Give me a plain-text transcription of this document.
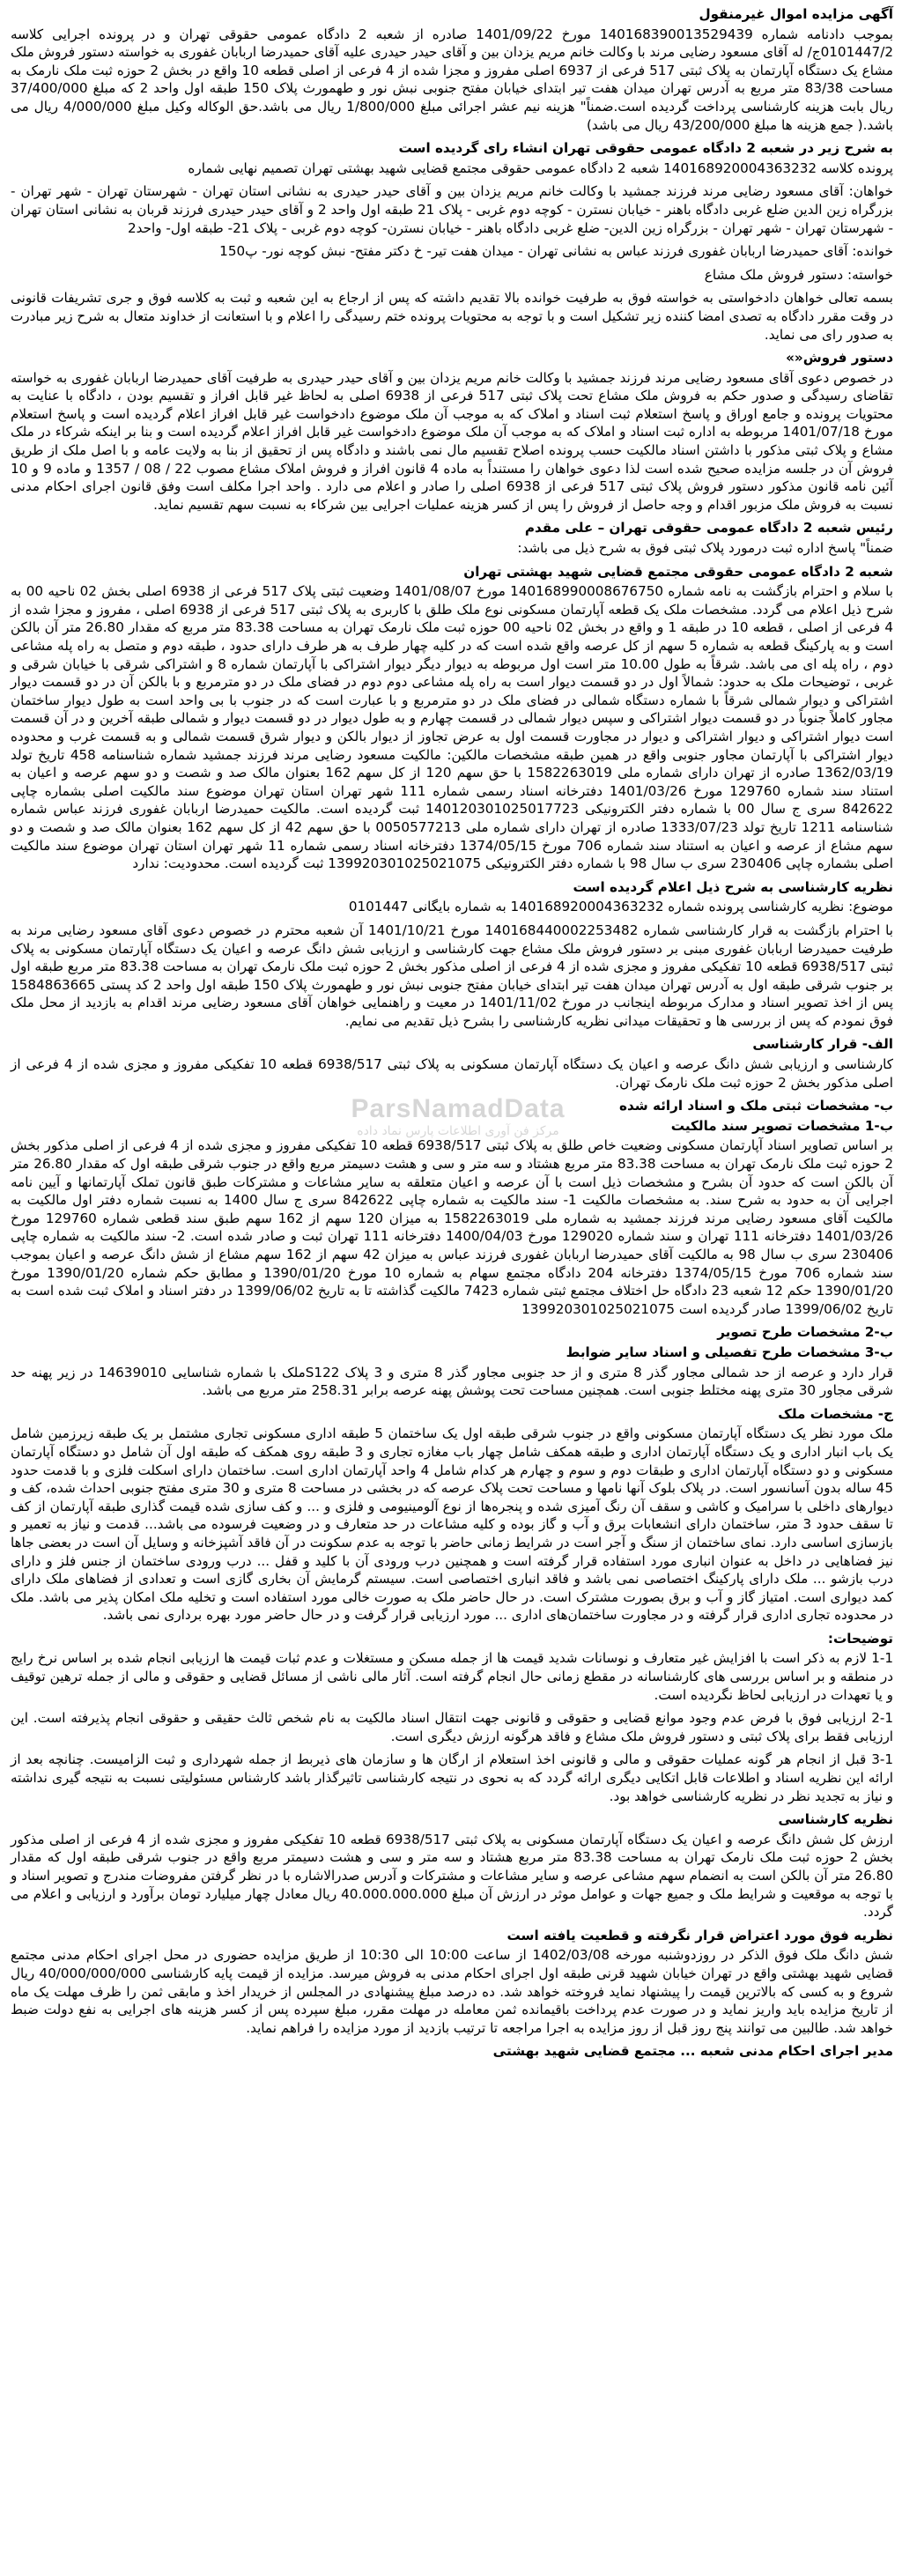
آگهی مزایده اموال غیرمنقول

بموجب دادنامه شماره 140168390013529439 مورخ 1401/09/22 صادره از شعبه 2 دادگاه عمومی حقوقی تهران و در پرونده اجرایی کلاسه 0101447/2ج/ له آقای مسعود رضایی مرند با وکالت خانم مریم یزدان بین و آقای حیدر حیدری علیه آقای حمیدرضا اربابان غفوری به خواسته دستور فروش ملک مشاع یک دستگاه آپارتمان به پلاک ثبتی 517 فرعی از 6937 اصلی مفروز و مجزا شده از 4 فرعی از اصلی قطعه 10 واقع در بخش 2 حوزه ثبت ملک نارمک به مساحت 83/38 متر مربع به آدرس تهران میدان هفت تیر ابتدای خیابان مفتح جنوبی نبش نور و طهمورث پلاک 150 طبقه اول واحد 2 که مبلغ 37/400/000 ریال بابت هزینه کارشناسی پرداخت گردیده است.ضمناً" هزینه نیم عشر اجرائی مبلغ 1/800/000 ریال می باشد.حق الوکاله وکیل مبلغ 4/000/000 ریال می باشد.( جمع هزینه ها مبلغ 43/200/000 ریال می باشد)

به شرح زیر در شعبه 2 دادگاه عمومی حقوقی تهران انشاء رای گردیده است

پرونده کلاسه 140168920004363232 شعبه 2 دادگاه عمومی حقوقی مجتمع قضایی شهید بهشتی تهران تصمیم نهایی شماره

خواهان: آقای مسعود رضایی مرند فرزند جمشید با وکالت خانم مریم یزدان بین و آقای حیدر حیدری به نشانی استان تهران - شهرستان تهران - شهر تهران - بزرگراه زین الدین ضلع غربی دادگاه باهنر - خیابان نسترن - کوچه دوم غربی - پلاک 21 طبقه اول واحد 2 و آقای حیدر حیدری فرزند قربان به نشانی استان تهران - شهرستان تهران - شهر تهران - بزرگراه زین الدین- ضلع غربی دادگاه باهنر - خیابان نسترن- کوچه دوم غربی - پلاک 21- طبقه اول- واحد2

خوانده: آقای حمیدرضا اربابان غفوری فرزند عباس به نشانی تهران - میدان هفت تیر- خ دکتر مفتح- نبش کوچه نور- پ150

خواسته: دستور فروش ملک مشاع

بسمه تعالی خواهان دادخواستی به خواسته فوق به طرفیت خوانده بالا تقدیم داشته که پس از ارجاع به این شعبه و ثبت به کلاسه فوق و جری تشریفات قانونی در وقت مقرر دادگاه به تصدی امضا کننده زیر تشکیل است و با توجه به محتویات پرونده ختم رسیدگی را اعلام و با استعانت از خداوند متعال به شرح زیر مبادرت به صدور رای می نماید.

دستور فروش«»

در خصوص دعوی آقای مسعود رضایی مرند فرزند جمشید با وکالت خانم مریم یزدان بین و آقای حیدر حیدری به طرفیت آقای حمیدرضا اربابان غفوری به خواسته تقاضای رسیدگی و صدور حکم به فروش ملک مشاع تحت پلاک ثبتی 517 فرعی از 6938 اصلی به لحاظ غیر قابل افراز و تقسیم بودن ، دادگاه با عنایت به محتویات پرونده و جامع اوراق و پاسخ استعلام ثبت اسناد و املاک که به موجب آن ملک موضوع دادخواست غیر قابل افراز اعلام گردیده است و پاسخ استعلام مورخ 1401/07/18 مربوطه به اداره ثبت اسناد و املاک که به موجب آن ملک موضوع دادخواست غیر قابل افراز اعلام گردیده است و بنا بر اینکه شرکاء در ملک مشاع و پلاک ثبتی مذکور با داشتن اسناد مالکیت حسب پرونده اصلاح تقسیم مال نمی باشند و دادگاه پس از تحقیق از بنا به ولایت عامه و با اصل ملک از طریق فروش آن در جلسه مزایده صحیح شده است لذا دعوی خواهان را مستنداً به ماده 4 قانون افراز و فروش املاک مشاع مصوب 22 / 08 / 1357 و ماده 9 و 10 آئین نامه قانون مذکور دستور فروش پلاک ثبتی 517 فرعی از 6938 اصلی را صادر و اعلام می دارد . واحد اجرا مکلف است وفق قانون اجرای احکام مدنی نسبت به فروش ملک مزبور اقدام و وجه حاصل از فروش را پس از کسر هزینه عملیات اجرایی بین شرکاء به نسبت سهم تقسیم نماید.

رئیس شعبه 2 دادگاه عمومی حقوقی تهران – علی مقدم

ضمناً" پاسخ اداره ثبت درمورد پلاک ثبتی فوق به شرح ذیل می باشد:

شعبه 2 دادگاه عمومی حقوقی مجتمع قضایی شهید بهشتی تهران

با سلام و احترام بازگشت به نامه شماره 140168990008676750 مورخ 1401/08/07 وضعیت ثبتی پلاک 517 فرعی از 6938 اصلی بخش 02 ناحیه 00 به شرح ذیل اعلام می گردد. مشخصات ملک یک قطعه آپارتمان مسکونی نوع ملک طلق با کاربری به پلاک ثبتی 517 فرعی از 6938 اصلی ، مفروز و مجزا شده از 4 فرعی از اصلی ، قطعه 10 در طبقه 1 و واقع در بخش 02 ناحیه 00 حوزه ثبت ملک نارمک تهران به مساحت 83.38 متر مربع که مقدار 26.80 متر آن بالکن است و به پارکینگ قطعه به شماره 5 سهم از کل عرصه واقع شده است که در کلیه چهار طرف به هر طرف دارای حدود ، طبقه دوم و متصل به راه پله مشاعی دوم ، راه پله ای می باشد. شرقاً به طول 10.00 متر است اول مربوطه به دیوار دیگر دیوار اشتراکی با آپارتمان شماره 8 و اشتراکی شرقی با خیابان شرقی و غربی ، توضیحات ملک به حدود: شمالاً اول در دو قسمت دیوار است به راه پله مشاعی دوم دوم در فضای ملک در دو مترمربع و با بالکن آن در دو قسمت دیوار اشتراکی و دیوار شمالی شرقاً با شماره دستگاه شمالی در فضای ملک در دو مترمربع و با عبارت است که در جنوب با بی واحد است به طول دیوار ساختمان مجاور کاملاً جنوباً در دو قسمت دیوار اشتراکی و سپس دیوار شمالی در قسمت چهارم و به طول دیوار در دو قسمت دیوار و شمالی طبقه آخرین و در آن قسمت است دیوار اشتراکی و دیوار اشتراکی و دیوار در مجاورت قسمت اول به عرض تجاوز از دیوار بالکن و دیوار شرق قسمت شمالی و به قسمت غرب و محدوده دیوار اشتراکی با آپارتمان مجاور جنوبی واقع در همین طبقه مشخصات مالکین: مالکیت مسعود رضایی مرند فرزند جمشید شماره شناسنامه 458 تاریخ تولد 1362/03/19 صادره از تهران دارای شماره ملی 1582263019 با حق سهم 120 از کل سهم 162 بعنوان مالک صد و شصت و دو سهم عرصه و اعیان به استناد سند شماره 129760 مورخ 1401/03/26 دفترخانه اسناد رسمی شماره 111 شهر تهران استان تهران موضوع سند مالکیت اصلی بشماره چاپی 842622 سری ج سال 00 با شماره دفتر الکترونیکی 140120301025017723 ثبت گردیده است. مالکیت حمیدرضا اربابان غفوری فرزند عباس شماره شناسنامه 1211 تاریخ تولد 1333/07/23 صادره از تهران دارای شماره ملی 0050577213 با حق سهم 42 از کل سهم 162 بعنوان مالک صد و شصت و دو سهم مشاع از عرصه و اعیان به استناد سند شماره 706 مورخ 1374/05/15 دفترخانه اسناد رسمی شماره 11 شهر تهران استان تهران موضوع سند مالکیت اصلی بشماره چاپی 230406 سری ب سال 98 با شماره دفتر الکترونیکی 139920301025021075 ثبت گردیده است. محدودیت: ندارد

نظریه کارشناسی به شرح ذیل اعلام گردیده است

موضوع: نظریه کارشناسی پرونده شماره 140168920004363232 به شماره بایگانی 0101447

با احترام بازگشت به قرار کارشناسی شماره 140168440002253482 مورخ 1401/10/21 آن شعبه محترم در خصوص دعوی آقای مسعود رضایی مرند به طرفیت حمیدرضا اربابان غفوری مبنی بر دستور فروش ملک مشاع جهت کارشناسی و ارزیابی شش دانگ عرصه و اعیان یک دستگاه آپارتمان مسکونی به پلاک ثبتی 6938/517 قطعه 10 تفکیکی مفروز و مجزی شده از 4 فرعی از اصلی مذکور بخش 2 حوزه ثبت ملک نارمک تهران به مساحت 83.38 متر مربع طبقه اول بر جنوب شرقی طبقه اول به آدرس تهران میدان هفت تیر ابتدای خیابان مفتح جنوبی نبش نور و طهمورث پلاک 150 طبقه اول واحد 2 کد پستی 1584863665 پس از اخذ تصویر اسناد و مدارک مربوطه اینجانب در مورخ 1401/11/02 در معیت و راهنمایی خواهان آقای مسعود رضایی مرند اقدام به بازدید از محل ملک فوق نمودم که پس از بررسی ها و تحقیقات میدانی نظریه کارشناسی را بشرح ذیل تقدیم می نمایم.

الف- قرار کارشناسی

کارشناسی و ارزیابی شش دانگ عرصه و اعیان یک دستگاه آپارتمان مسکونی به پلاک ثبتی 6938/517 قطعه 10 تفکیکی مفروز و مجزی شده از 4 فرعی از اصلی مذکور بخش 2 حوزه ثبت ملک نارمک تهران.

ب- مشخصات ثبتی ملک و اسناد ارائه شده

ب-1 مشخصات تصویر سند مالکیت

بر اساس تصاویر اسناد آپارتمان مسکونی وضعیت خاص طلق به پلاک ثبتی 6938/517 قطعه 10 تفکیکی مفروز و مجزی شده از 4 فرعی از اصلی مذکور بخش 2 حوزه ثبت ملک نارمک تهران به مساحت 83.38 متر مربع هشتاد و سه متر و سی و هشت دسیمتر مربع واقع در جنوب شرقی طبقه اول که مقدار 26.80 متر آن بالکن است که حدود آن بشرح و مشخصات ذیل است با آن عرصه و اعیان متعلقه به سایر مشاعات و مشترکات طبق قانون تملک آپارتمانها و آیین نامه اجرایی آن به حدود به شرح سند. به مشخصات مالکیت 1- سند مالکیت به شماره چاپی 842622 سری ج سال 1400 به نسبت شماره دفتر اول مالکیت به مالکیت آقای مسعود رضایی مرند فرزند جمشید به شماره ملی 1582263019 به میزان 120 سهم از 162 سهم طبق سند قطعی شماره 129760 مورخ 1401/03/26 دفترخانه 111 تهران و سند شماره 129020 مورخ 1400/04/03 دفترخانه 111 تهران ثبت و صادر شده است. 2- سند مالکیت به شماره چاپی 230406 سری ب سال 98 به مالکیت آقای حمیدرضا اربابان غفوری فرزند عباس به میزان 42 سهم از 162 سهم مشاع از شش دانگ عرصه و اعیان بموجب سند شماره 706 مورخ 1374/05/15 دفترخانه 204 دادگاه مجتمع سهام به شماره 10 مورخ 1390/01/20 و مطابق حکم شماره 1390/01/20 مورخ 1390/01/20 حکم 12 شعبه 23 دادگاه حل اختلاف مجتمع ثبتی شماره 7423 مالکیت گذاشته تا به تاریخ 1399/06/02 در دفتر اسناد و املاک ثبت شده است به تاریخ 1399/06/02 صادر گردیده است 139920301025021075

ب-2 مشخصات طرح تصویر

ب-3 مشخصات طرح تفصیلی و اسناد سایر ضوابط

قرار دارد و عرصه از حد شمالی مجاور گذر 8 متری و از حد جنوبی مجاور گذر 8 متری و 3 پلاک S122ملک با شماره شناسایی 14639010 در زیر پهنه حد شرقی مجاور 30 متری پهنه مختلط جنوبی است. همچنین مساحت تحت پوشش پهنه عرصه برابر 258.31 متر مربع می باشد.

ج- مشخصات ملک

ملک مورد نظر یک دستگاه آپارتمان مسکونی واقع در جنوب شرقی طبقه اول یک ساختمان 5 طبقه اداری مسکونی تجاری مشتمل بر یک طبقه زیرزمین شامل یک باب انبار اداری و یک دستگاه آپارتمان اداری و طبقه همکف شامل چهار باب مغازه تجاری و 3 طبقه روی همکف که طبقه اول آن شامل دو دستگاه آپارتمان مسکونی و دو دستگاه آپارتمان اداری و طبقات دوم و سوم و چهارم هر کدام شامل 4 واحد آپارتمان اداری است. ساختمان دارای اسکلت فلزی و با قدمت حدود 45 ساله بدون آسانسور است. در پلاک بلوک آنها نامها و مساحت تحت پلاک عرصه که در بخشی در مساحت 8 متری و 30 متری مفتح جنوبی احداث شده، کف و دیوارهای داخلی با سرامیک و کاشی و سقف آن رنگ آمیزی شده و پنجره‌ها از نوع آلومینیومی و فلزی و ... و کف سازی شده قیمت گذاری طبقه آپارتمان از کف تا سقف حدود 3 متر، ساختمان دارای انشعابات برق و آب و گاز بوده و کلیه مشاعات در حد متعارف و در وضعیت فرسوده می باشد... قدمت و نیاز به تعمیر و بازسازی اساسی دارد. نمای ساختمان از سنگ و آجر است در شرایط زمانی حاضر با توجه به عدم سکونت در آن فاقد آشپزخانه و وسایل آن است در بعضی جاها نیز فضاهایی در داخل به عنوان انباری مورد استفاده قرار گرفته است و همچنین درب ورودی آن با کلید و قفل ... درب ورودی ساختمان از جنس فلز و دارای درب بازشو ... ملک دارای پارکینگ اختصاصی نمی باشد و فاقد انباری اختصاصی است. سیستم گرمایش آن بخاری گازی است و تعدادی از فضاهای ملک دارای کمد دیواری است. امتیاز گاز و آب و برق بصورت مشترک است. در حال حاضر ملک به صورت خالی مورد استفاده است و تخلیه ملک امکان پذیر می باشد. ملک در محدوده تجاری اداری قرار گرفته و در مجاورت ساختمان‌های اداری ... مورد ارزیابی قرار گرفت و در حال حاضر مورد بهره برداری نمی باشد.

توضیحات:

1-1 لازم به ذکر است با افزایش غیر متعارف و نوسانات شدید قیمت ها از جمله مسکن و مستغلات و عدم ثبات قیمت ها ارزیابی انجام شده بر اساس نرخ رایج در منطقه و بر اساس بررسی های کارشناسانه در مقطع زمانی حال انجام گرفته است. آثار مالی ناشی از مسائل قضایی و حقوقی و مالی از جمله ترهین توقیف و یا تعهدات در ارزیابی لحاظ نگردیده است.

2-1 ارزیابی فوق با فرض عدم وجود موانع قضایی و حقوقی و قانونی جهت انتقال اسناد مالکیت به نام شخص ثالث حقیقی و حقوقی انجام پذیرفته است. این ارزیابی فقط برای پلاک ثبتی و دستور فروش ملک مشاع و فاقد هرگونه ارزش دیگری است.

3-1 قبل از انجام هر گونه عملیات حقوقی و مالی و قانونی اخذ استعلام از ارگان ها و سازمان های ذیربط از جمله شهرداری و ثبت الزامیست. چنانچه بعد از ارائه این نظریه اسناد و اطلاعات قابل اتکایی دیگری ارائه گردد که به نحوی در نتیجه کارشناسی تاثیرگذار باشد کارشناس مسئولیتی نسبت به نتیجه گیری نداشته و نیاز به تجدید نظر در نظریه کارشناسی خواهد بود.

نظریه کارشناسی

ارزش کل شش دانگ عرصه و اعیان یک دستگاه آپارتمان مسکونی به پلاک ثبتی 6938/517 قطعه 10 تفکیکی مفروز و مجزی شده از 4 فرعی از اصلی مذکور بخش 2 حوزه ثبت ملک نارمک تهران به مساحت 83.38 متر مربع هشتاد و سه متر و سی و هشت دسیمتر مربع واقع در جنوب شرقی طبقه اول که مقدار 26.80 متر آن بالکن است به انضمام سهم مشاعی عرصه و سایر مشاعات و مشترکات و آدرس صدرالاشاره با در نظر گرفتن مفروضات مندرج و تصویر اسناد و با توجه به موقعیت و شرایط ملک و جمیع جهات و عوامل موثر در ارزش آن مبلغ 40.000.000.000 ریال معادل چهار میلیارد تومان برآورد و ارزیابی و اعلام می گردد.

نظریه فوق مورد اعتراض قرار نگرفته و قطعیت یافته است

شش دانگ ملک فوق الذکر در روزدوشنبه مورخه 1402/03/08 از ساعت 10:00 الی 10:30 از طریق مزایده حضوری در محل اجرای احکام مدنی مجتمع قضایی شهید بهشتی واقع در تهران خیابان شهید قرنی طبقه اول اجرای احکام مدنی به فروش میرسد. مزایده از قیمت پایه کارشناسی 40/000/000/000 ریال شروع و به کسی که بالاترین قیمت را پیشنهاد نماید فروخته خواهد شد. ده درصد مبلغ پیشنهادی در المجلس از خریدار اخذ و مابقی ثمن را ظرف مهلت یک ماه از تاریخ مزایده باید واریز نماید و در صورت عدم پرداخت باقیمانده ثمن معامله در مهلت مقرر، مبلغ سپرده پس از کسر هزینه های اجرایی به نفع دولت ضبط خواهد شد. طالبین می توانند پنج روز قبل از روز مزایده به اجرا مراجعه تا ترتیب بازدید از مورد مزایده را فراهم نماید.

مدیر اجرای احکام مدنی شعبه ... مجتمع قضایی شهید بهشتی

ParsNamadData
مرکز فن آوری اطلاعات پارس نماد داده
